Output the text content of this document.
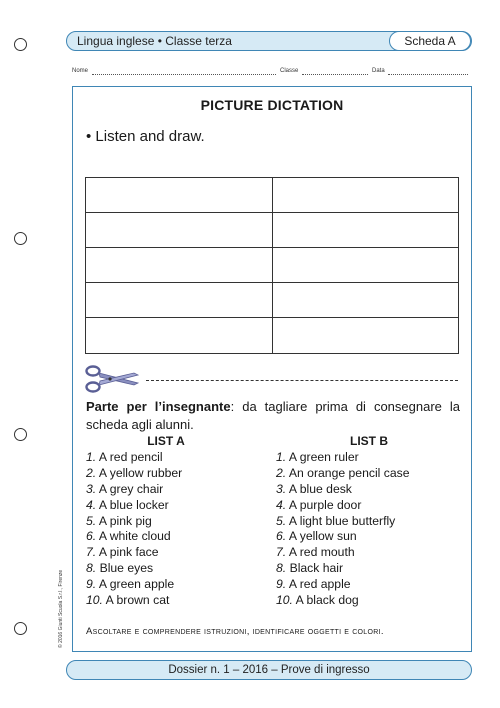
Lingua inglese • Classe terza	Scheda A
Nome	Classe	Data
PICTURE DICTATION
• Listen and draw.
Parte per l’insegnante: da tagliare prima di consegnare la scheda agli alunni.
LIST A
1. A red pencil
2. A yellow rubber
3. A grey chair
4. A blue locker
5. A pink pig
6. A white cloud
7. A pink face
8. Blue eyes
9. A green apple
10. A brown cat
LIST B
1. A green ruler
2. An orange pencil case
3. A blue desk
4. A purple door
5. A light blue butterfly
6. A yellow sun
7. A red mouth
8. Black hair
9. A red apple
10. A black dog
Ascoltare e comprendere istruzioni, identificare oggetti e colori.
© 2016 Giunti Scuola S.r.l., Firenze
Dossier n. 1 – 2016 – Prove di ingresso
